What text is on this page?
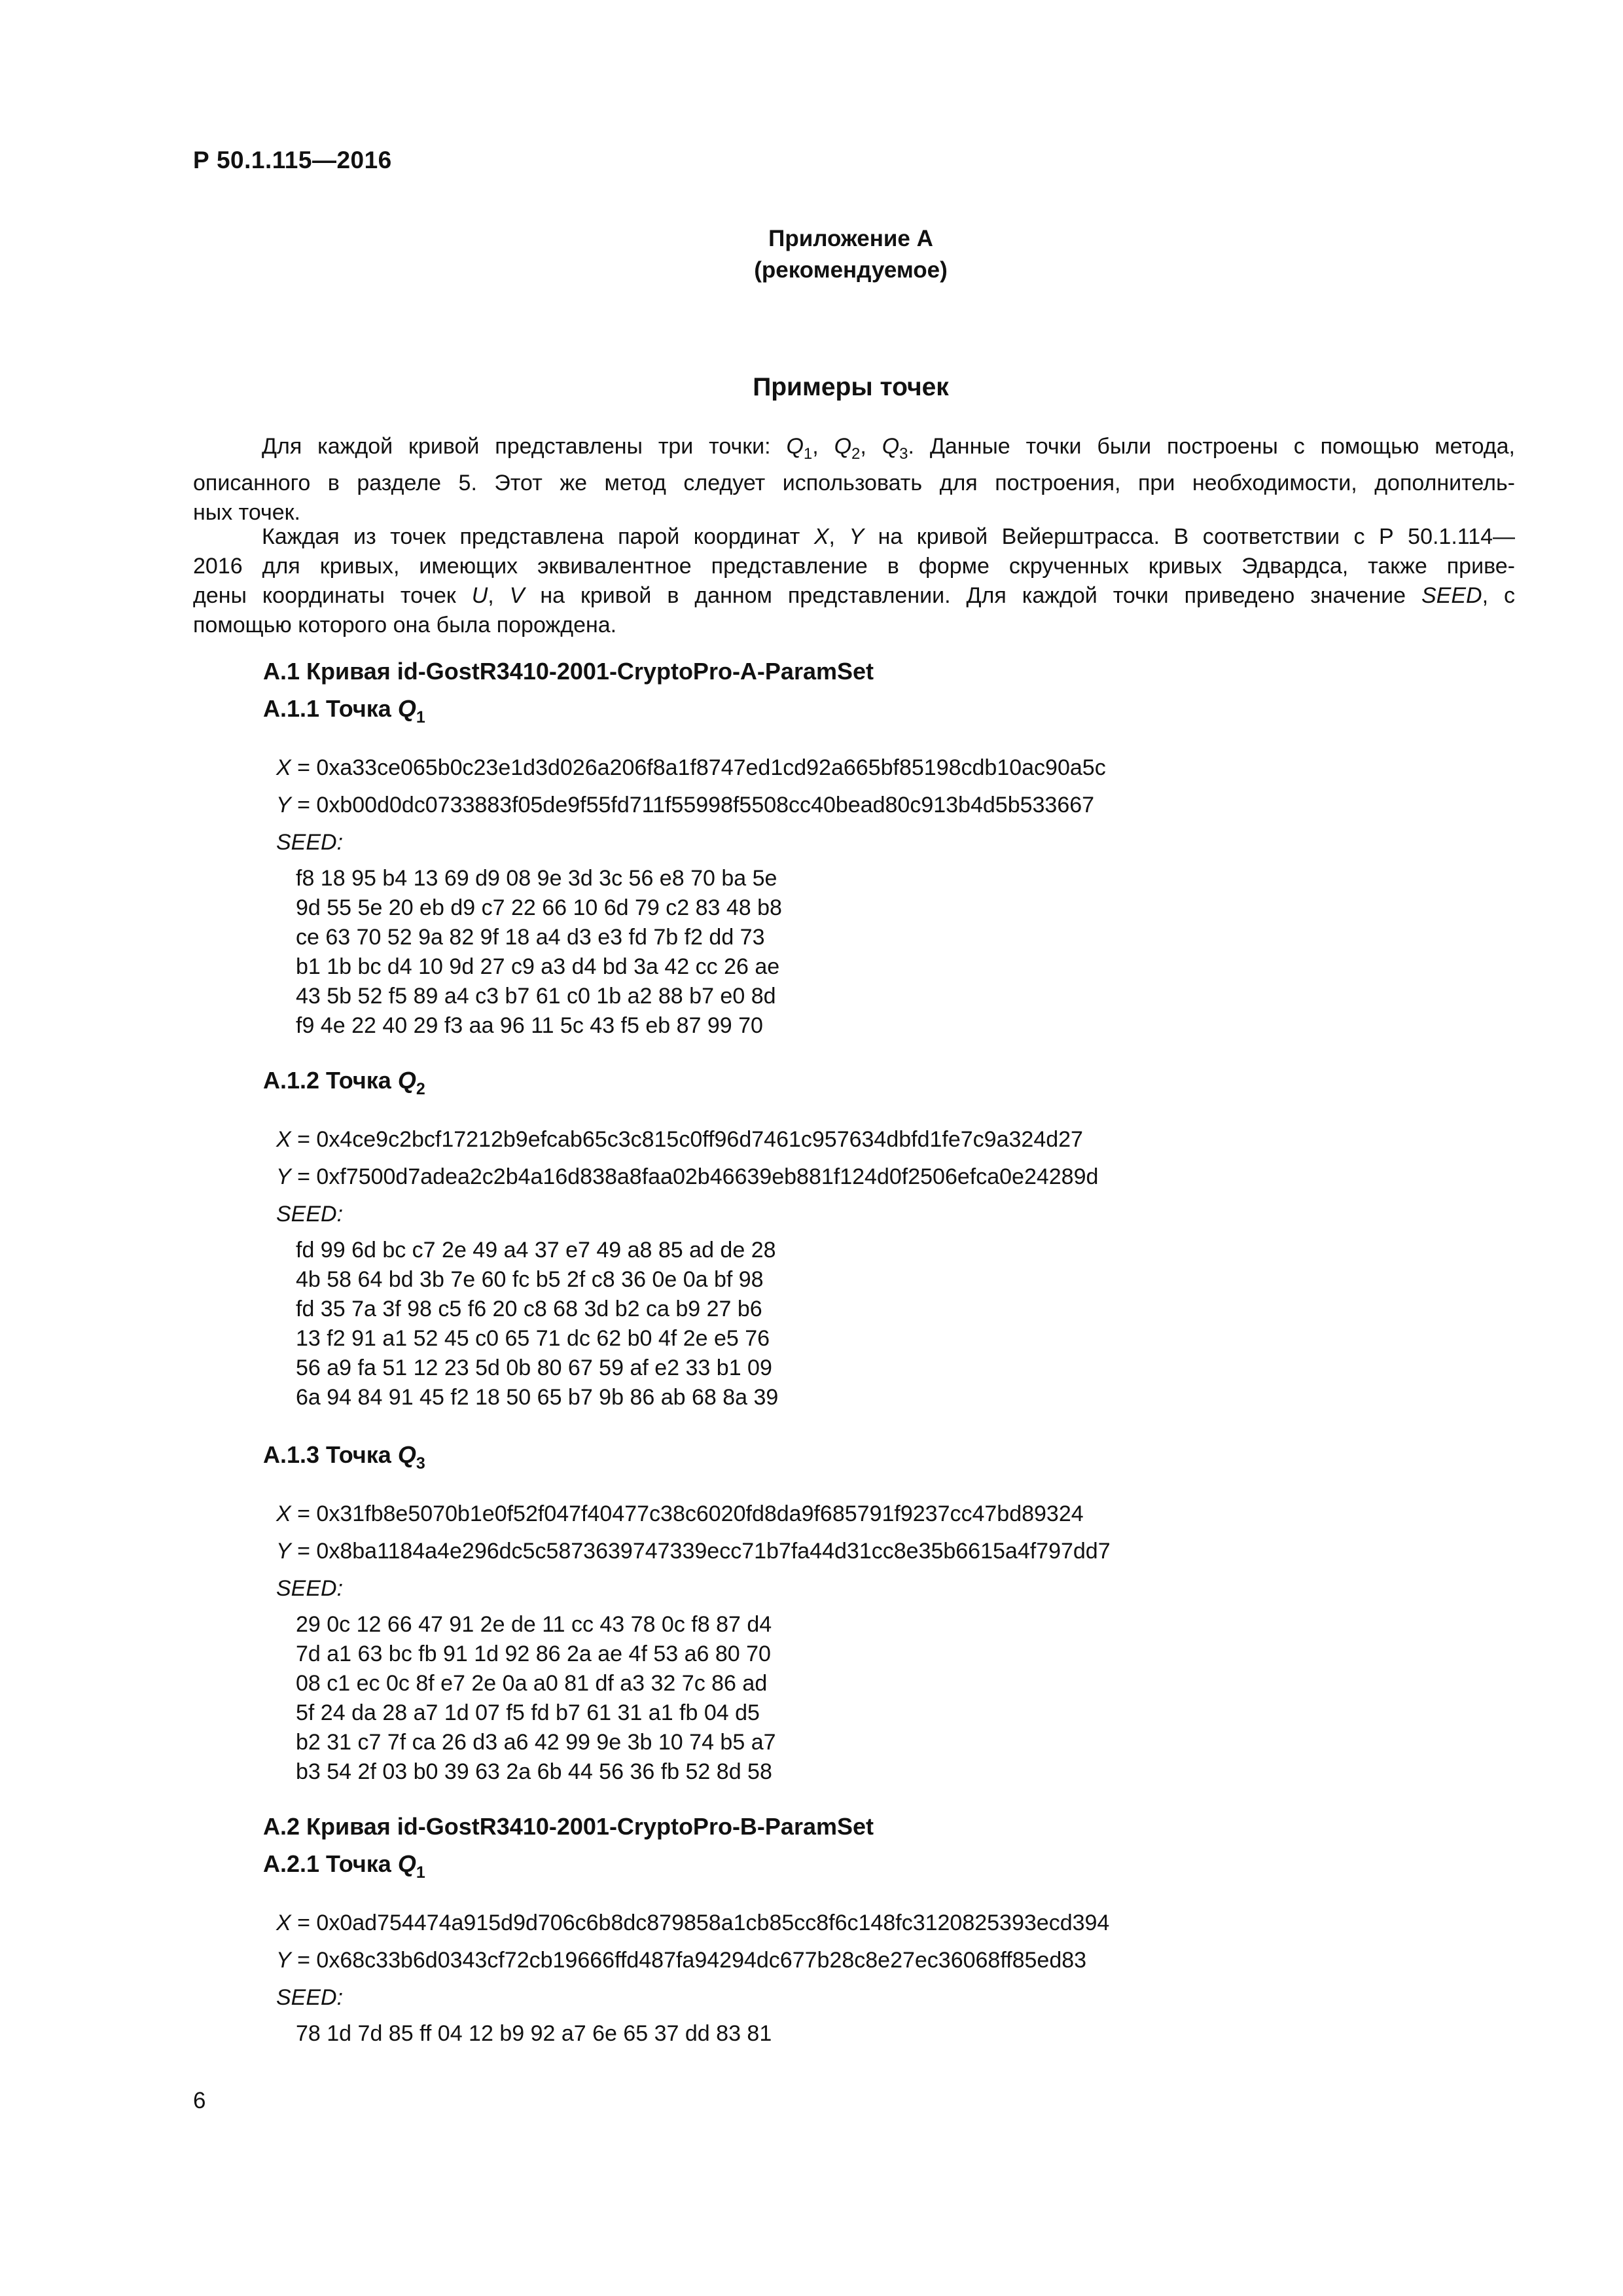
Р 50.1.115—2016
Приложение А
(рекомендуемое)
Примеры точек
Для каждой кривой представлены три точки: $Q_1$, $Q_2$, $Q_3$. Данные точки были построены с помощью метода,
описанного в разделе 5. Этот же метод следует использовать для построения, при необходимости, дополнитель-
ных точек.
Каждая из точек представлена парой координат X, Y на кривой Вейерштрасса. В соответствии с Р 50.1.114—
2016 для кривых, имеющих эквивалентное представление в форме скрученных кривых Эдвардса, также приве-
дены координаты точек U, V на кривой в данном представлении. Для каждой точки приведено значение SEED, с
помощью которого она была порождена.
А.1 Кривая id-GostR3410-2001-CryptoPro-A-ParamSet
А.2 Кривая id-GostR3410-2001-CryptoPro-B-ParamSet
6
А.1.1 Точка $Q_1$
X = 0xa33ce065b0c23e1d3d026a206f8a1f8747ed1cd92a665bf85198cdb10ac90a5c
Y = 0xb00d0dc0733883f05de9f55fd711f55998f5508cc40bead80c913b4d5b533667
SEED:
f8 18 95 b4 13 69 d9 08 9e 3d 3c 56 e8 70 ba 5e
9d 55 5e 20 eb d9 c7 22 66 10 6d 79 c2 83 48 b8
ce 63 70 52 9a 82 9f 18 a4 d3 e3 fd 7b f2 dd 73
b1 1b bc d4 10 9d 27 c9 a3 d4 bd 3a 42 cc 26 ae
43 5b 52 f5 89 a4 c3 b7 61 c0 1b a2 88 b7 e0 8d
f9 4e 22 40 29 f3 aa 96 11 5c 43 f5 eb 87 99 70
А.1.2 Точка $Q_2$
X = 0x4ce9c2bcf17212b9efcab65c3c815c0ff96d7461c957634dbfd1fe7c9a324d27
Y = 0xf7500d7adea2c2b4a16d838a8faa02b46639eb881f124d0f2506efca0e24289d
SEED:
fd 99 6d bc c7 2e 49 a4 37 e7 49 a8 85 ad de 28
4b 58 64 bd 3b 7e 60 fc b5 2f c8 36 0e 0a bf 98
fd 35 7a 3f 98 c5 f6 20 c8 68 3d b2 ca b9 27 b6
13 f2 91 a1 52 45 c0 65 71 dc 62 b0 4f 2e e5 76
56 a9 fa 51 12 23 5d 0b 80 67 59 af e2 33 b1 09
6a 94 84 91 45 f2 18 50 65 b7 9b 86 ab 68 8a 39
А.1.3 Точка $Q_3$
X = 0x31fb8e5070b1e0f52f047f40477c38c6020fd8da9f685791f9237cc47bd89324
Y = 0x8ba1184a4e296dc5c5873639747339ecc71b7fa44d31cc8e35b6615a4f797dd7
SEED:
29 0c 12 66 47 91 2e de 11 cc 43 78 0c f8 87 d4
7d a1 63 bc fb 91 1d 92 86 2a ae 4f 53 a6 80 70
08 c1 ec 0c 8f e7 2e 0a a0 81 df a3 32 7c 86 ad
5f 24 da 28 a7 1d 07 f5 fd b7 61 31 a1 fb 04 d5
b2 31 c7 7f ca 26 d3 a6 42 99 9e 3b 10 74 b5 a7
b3 54 2f 03 b0 39 63 2a 6b 44 56 36 fb 52 8d 58
А.2.1 Точка $Q_1$
X = 0x0ad754474a915d9d706c6b8dc879858a1cb85cc8f6c148fc3120825393ecd394
Y = 0x68c33b6d0343cf72cb19666ffd487fa94294dc677b28c8e27ec36068ff85ed83
SEED:
78 1d 7d 85 ff 04 12 b9 92 a7 6e 65 37 dd 83 81
